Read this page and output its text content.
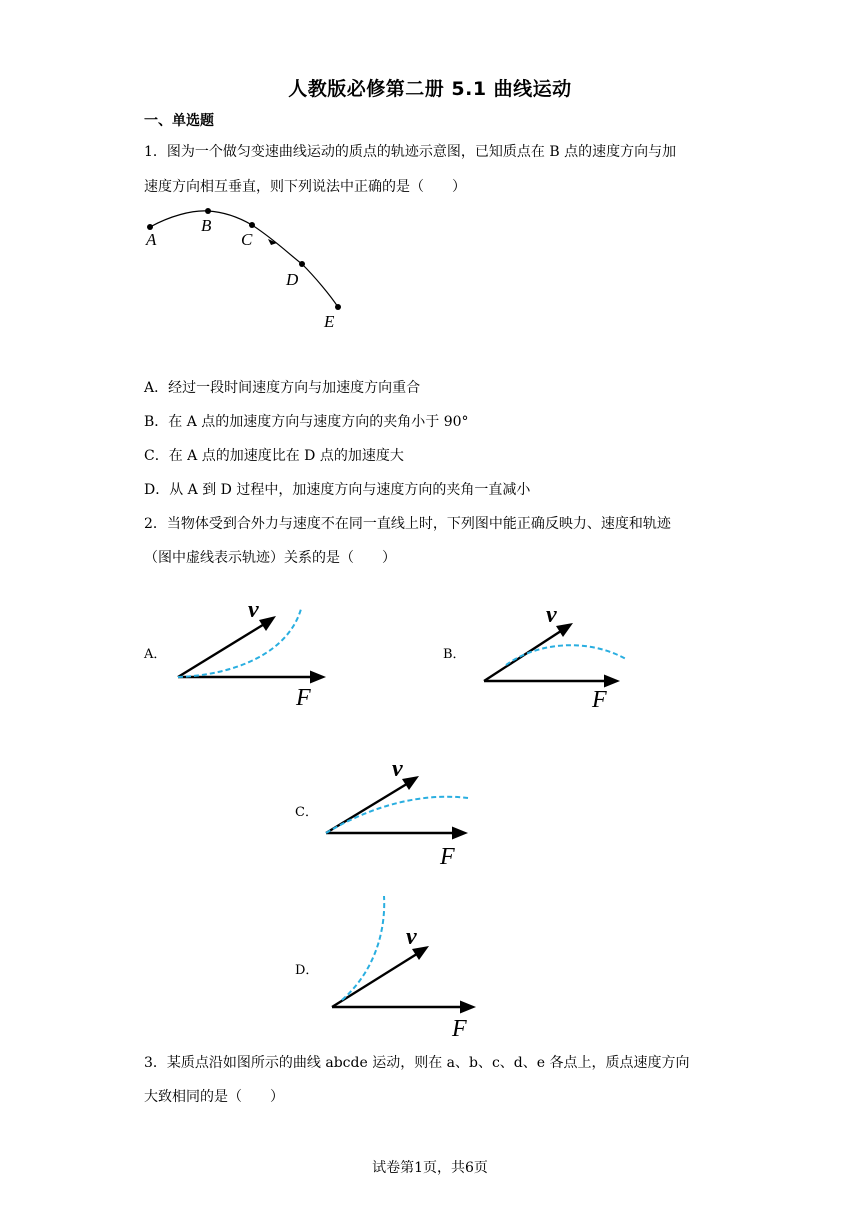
人教版必修第二册 5.1 曲线运动
一、单选题
1．图为一个做匀变速曲线运动的质点的轨迹示意图，已知质点在 B 点的速度方向与加
速度方向相互垂直，则下列说法中正确的是（　　）
A
B
C
D
E
A．经过一段时间速度方向与加速度方向重合
B．在 A 点的加速度方向与速度方向的夹角小于 90°
C．在 A 点的加速度比在 D 点的加速度大
D．从 A 到 D 过程中，加速度方向与速度方向的夹角一直减小
2．当物体受到合外力与速度不在同一直线上时，下列图中能正确反映力、速度和轨迹
（图中虚线表示轨迹）关系的是（　　）
A．
v
F
B．
v
F
C．
v
F
D．
v
F
3．某质点沿如图所示的曲线 abcde 运动，则在 a、b、c、d、e 各点上，质点速度方向
大致相同的是（　　）
试卷第1页，共6页
